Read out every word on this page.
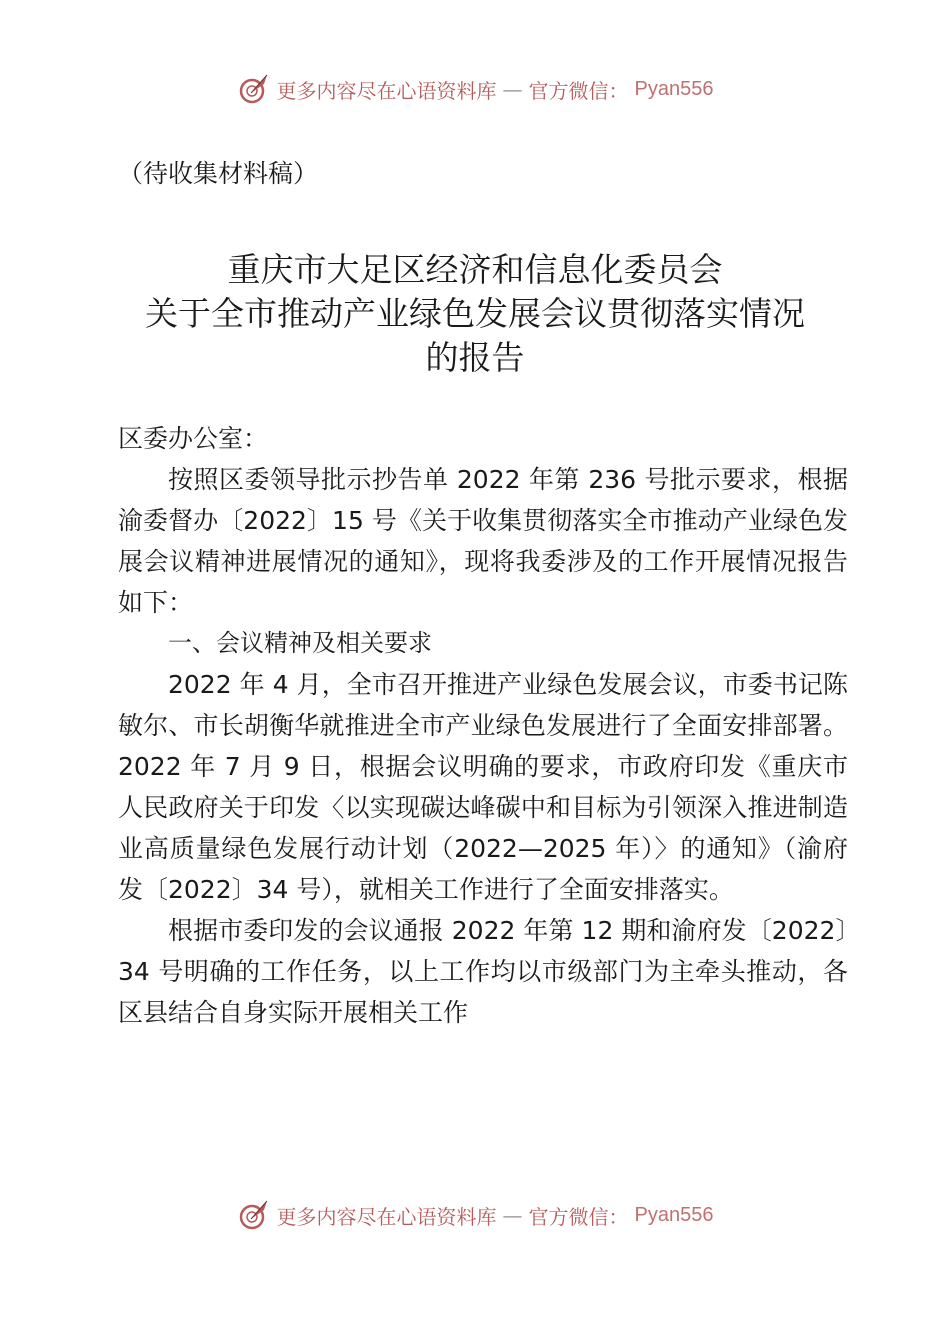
更多内容尽在心语资料库 — 官方微信： Pyan556
（待收集材料稿）
重庆市大足区经济和信息化委员会
关于全市推动产业绿色发展会议贯彻落实情况
的报告

区委办公室：

按照区委领导批示抄告单 2022 年第 236 号批示要求，根据渝委督办〔2022〕15 号《关于收集贯彻落实全市推动产业绿色发展会议精神进展情况的通知》，现将我委涉及的工作开展情况报告如下：

一、会议精神及相关要求

2022 年 4 月，全市召开推进产业绿色发展会议，市委书记陈敏尔、市长胡衡华就推进全市产业绿色发展进行了全面安排部署。2022 年 7 月 9 日，根据会议明确的要求，市政府印发《重庆市人民政府关于印发〈以实现碳达峰碳中和目标为引领深入推进制造业高质量绿色发展行动计划（2022—2025 年）〉的通知》（渝府发〔2022〕34 号），就相关工作进行了全面安排落实。

根据市委印发的会议通报 2022 年第 12 期和渝府发〔2022〕34 号明确的工作任务，以上工作均以市级部门为主牵头推动，各区县结合自身实际开展相关工作

更多内容尽在心语资料库 — 官方微信： Pyan556
